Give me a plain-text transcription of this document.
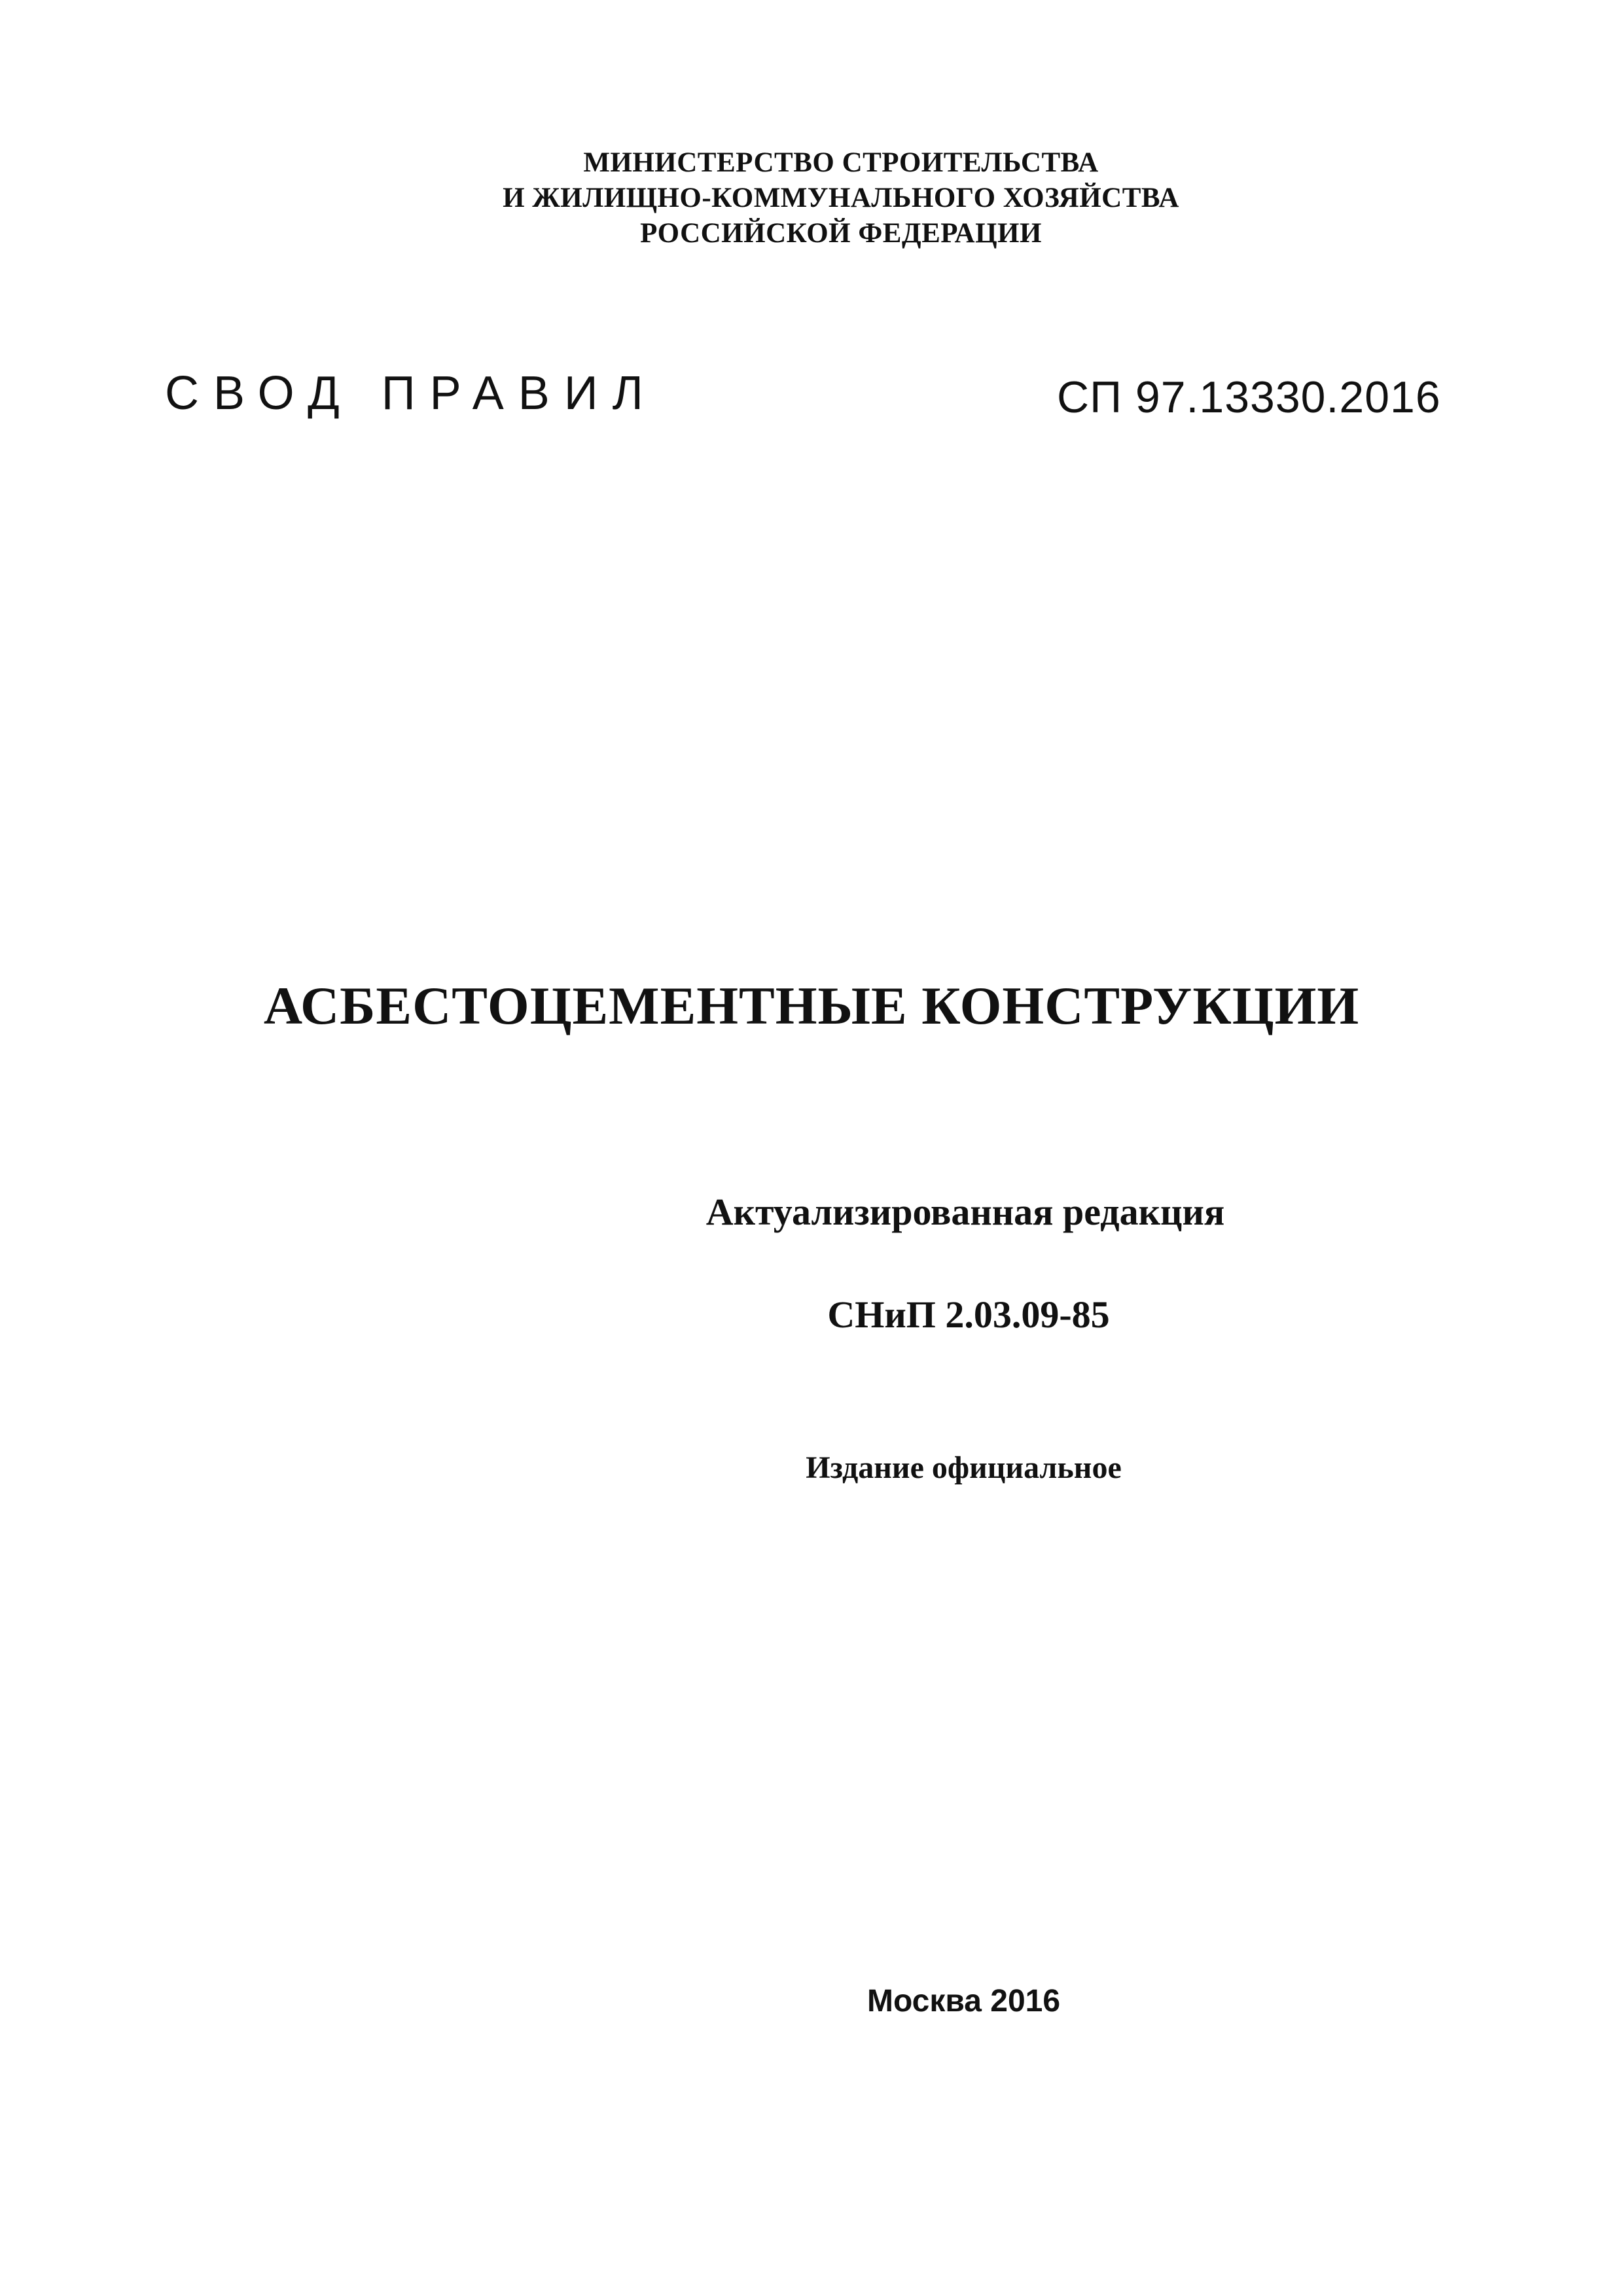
МИНИСТЕРСТВО СТРОИТЕЛЬСТВА
И ЖИЛИЩНО-КОММУНАЛЬНОГО ХОЗЯЙСТВА
РОССИЙСКОЙ ФЕДЕРАЦИИ
СВОД ПРАВИЛ	СП 97.13330.2016
АСБЕСТОЦЕМЕНТНЫЕ КОНСТРУКЦИИ
Актуализированная редакция
СНиП 2.03.09-85
Издание официальное
Москва 2016
